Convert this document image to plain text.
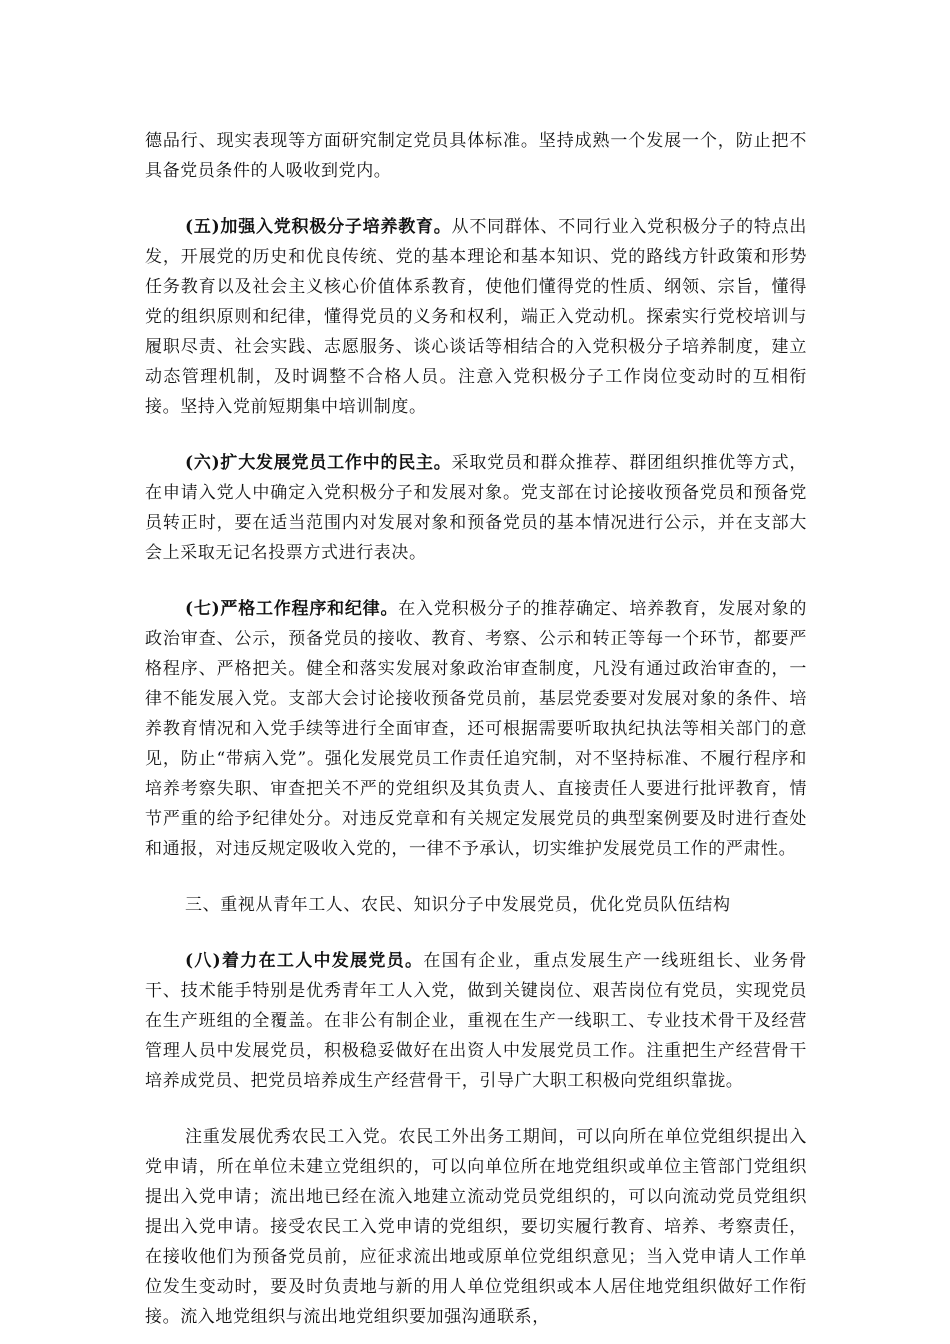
德品行、现实表现等方面研究制定党员具体标准。坚持成熟一个发展一个，防止把不具备党员条件的人吸收到党内。

(五)加强入党积极分子培养教育。从不同群体、不同行业入党积极分子的特点出发，开展党的历史和优良传统、党的基本理论和基本知识、党的路线方针政策和形势任务教育以及社会主义核心价值体系教育，使他们懂得党的性质、纲领、宗旨，懂得党的组织原则和纪律，懂得党员的义务和权利，端正入党动机。探索实行党校培训与履职尽责、社会实践、志愿服务、谈心谈话等相结合的入党积极分子培养制度，建立动态管理机制，及时调整不合格人员。注意入党积极分子工作岗位变动时的互相衔接。坚持入党前短期集中培训制度。

(六)扩大发展党员工作中的民主。采取党员和群众推荐、群团组织推优等方式，在申请入党人中确定入党积极分子和发展对象。党支部在讨论接收预备党员和预备党员转正时，要在适当范围内对发展对象和预备党员的基本情况进行公示，并在支部大会上采取无记名投票方式进行表决。

(七)严格工作程序和纪律。在入党积极分子的推荐确定、培养教育，发展对象的政治审查、公示，预备党员的接收、教育、考察、公示和转正等每一个环节，都要严格程序、严格把关。健全和落实发展对象政治审查制度，凡没有通过政治审查的，一律不能发展入党。支部大会讨论接收预备党员前，基层党委要对发展对象的条件、培养教育情况和入党手续等进行全面审查，还可根据需要听取执纪执法等相关部门的意见，防止“带病入党”。强化发展党员工作责任追究制，对不坚持标准、不履行程序和培养考察失职、审查把关不严的党组织及其负责人、直接责任人要进行批评教育，情节严重的给予纪律处分。对违反党章和有关规定发展党员的典型案例要及时进行查处和通报，对违反规定吸收入党的，一律不予承认，切实维护发展党员工作的严肃性。

三、重视从青年工人、农民、知识分子中发展党员，优化党员队伍结构

(八)着力在工人中发展党员。在国有企业，重点发展生产一线班组长、业务骨干、技术能手特别是优秀青年工人入党，做到关键岗位、艰苦岗位有党员，实现党员在生产班组的全覆盖。在非公有制企业，重视在生产一线职工、专业技术骨干及经营管理人员中发展党员，积极稳妥做好在出资人中发展党员工作。注重把生产经营骨干培养成党员、把党员培养成生产经营骨干，引导广大职工积极向党组织靠拢。

注重发展优秀农民工入党。农民工外出务工期间，可以向所在单位党组织提出入党申请，所在单位未建立党组织的，可以向单位所在地党组织或单位主管部门党组织提出入党申请；流出地已经在流入地建立流动党员党组织的，可以向流动党员党组织提出入党申请。接受农民工入党申请的党组织，要切实履行教育、培养、考察责任，在接收他们为预备党员前，应征求流出地或原单位党组织意见；当入党申请人工作单位发生变动时，要及时负责地与新的用人单位党组织或本人居住地党组织做好工作衔接。流入地党组织与流出地党组织要加强沟通联系，
